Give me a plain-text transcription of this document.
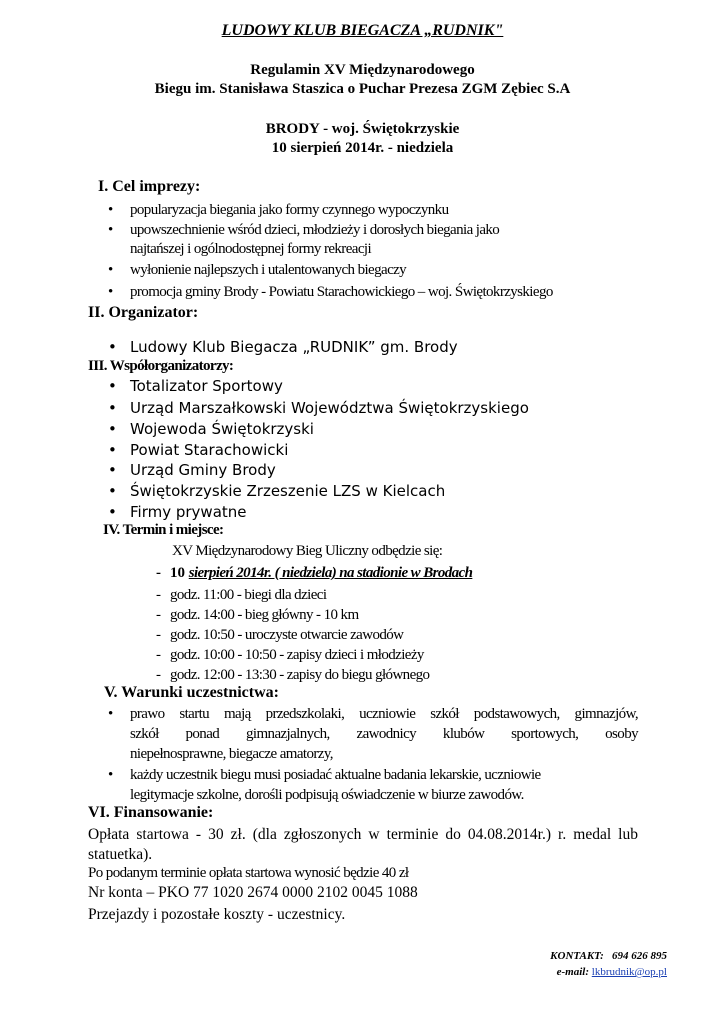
LUDOWY KLUB BIEGACZA „RUDNIK"
Regulamin XV Międzynarodowego
Biegu im. Stanisława Staszica o Puchar Prezesa ZGM Zębiec S.A
BRODY - woj. Świętokrzyskie
10 sierpień 2014r. - niedziela
I. Cel imprezy:
• popularyzacja biegania jako formy czynnego wypoczynku
• upowszechnienie wśród dzieci, młodzieży i dorosłych biegania jako
najtańszej i ogólnodostępnej formy rekreacji
• wyłonienie najlepszych i utalentowanych biegaczy
• promocja gminy Brody - Powiatu Starachowickiego – woj. Świętokrzyskiego
II. Organizator:
• Ludowy Klub Biegacza „RUDNIK” gm. Brody
III. Współorganizatorzy:
• Totalizator Sportowy
• Urząd Marszałkowski Województwa Świętokrzyskiego
• Wojewoda Świętokrzyski
• Powiat Starachowicki
• Urząd Gminy Brody
• Świętokrzyskie Zrzeszenie LZS w Kielcach
• Firmy prywatne
IV. Termin i miejsce:
XV Międzynarodowy Bieg Uliczny odbędzie się:
- 10 sierpień 2014r. ( niedziela) na stadionie w Brodach
- godz. 11:00 - biegi dla dzieci
- godz. 14:00 - bieg główny - 10 km
- godz. 10:50 - uroczyste otwarcie zawodów
- godz. 10:00 - 10:50 - zapisy dzieci i młodzieży
- godz. 12:00 - 13:30 - zapisy do biegu głównego
V. Warunki uczestnictwa:
• prawo startu mają przedszkolaki, uczniowie szkół podstawowych, gimnazjów,
szkół ponad gimnazjalnych, zawodnicy klubów sportowych, osoby
niepełnosprawne, biegacze amatorzy,
• każdy uczestnik biegu musi posiadać aktualne badania lekarskie, uczniowie
legitymacje szkolne, dorośli podpisują oświadczenie w biurze zawodów.
VI. Finansowanie:
Opłata startowa - 30 zł. (dla zgłoszonych w terminie do 04.08.2014r.) r. medal lub
statuetka).
Po podanym terminie opłata startowa wynosić będzie 40 zł
Nr konta – PKO 77 1020 2674 0000 2102 0045 1088
Przejazdy i pozostałe koszty - uczestnicy.
KONTAKT: 694 626 895
e-mail: lkbrudnik@op.pl
